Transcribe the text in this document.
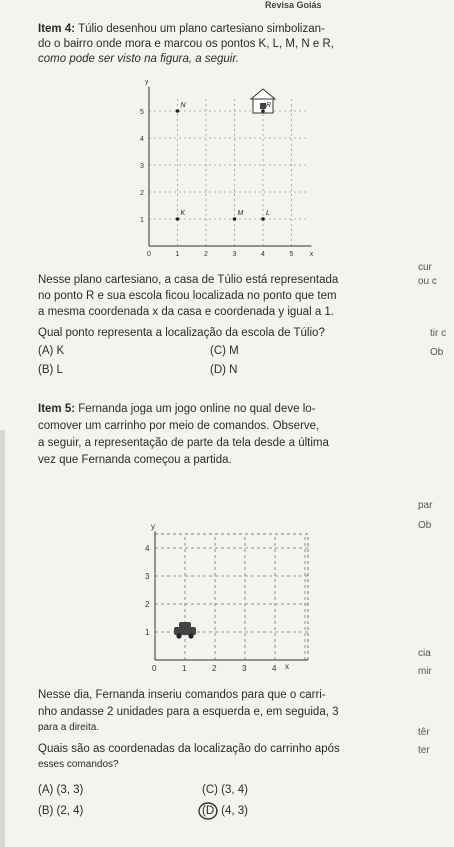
Revisa Goiás
Item 4: Túlio desenhou um plano cartesiano simbolizan-
do o bairro onde mora e marcou os pontos K, L, M, N e R,
como pode ser visto na figura, a seguir.
y
x
0	1	2	3	4	5
1
2
3
4
5
N	R
K	M	L
Nesse plano cartesiano, a casa de Túlio está representada
no ponto R e sua escola ficou localizada no ponto que tem
a mesma coordenada x da casa e coordenada y igual a 1.
Qual ponto representa a localização da escola de Túlio?
(A) K
(B) L
(C) M
(D) N
Item 5: Fernanda joga um jogo online no qual deve lo-
comover um carrinho por meio de comandos. Observe,
a seguir, a representação de parte da tela desde a última
vez que Fernanda começou a partida.
y
x
0	1	2	3	4
1
2
3
4
Nesse dia, Fernanda inseriu comandos para que o carri-
nho andasse 2 unidades para a esquerda e, em seguida, 3
para a direita.
Quais são as coordenadas da localização do carrinho após
esses comandos?
(A) (3, 3)
(B) (2, 4)
(C) (3, 4)
(D) (4, 3)
cur
ou c
tir c
Ob
par
Ob
cia
mir
têr
ter
